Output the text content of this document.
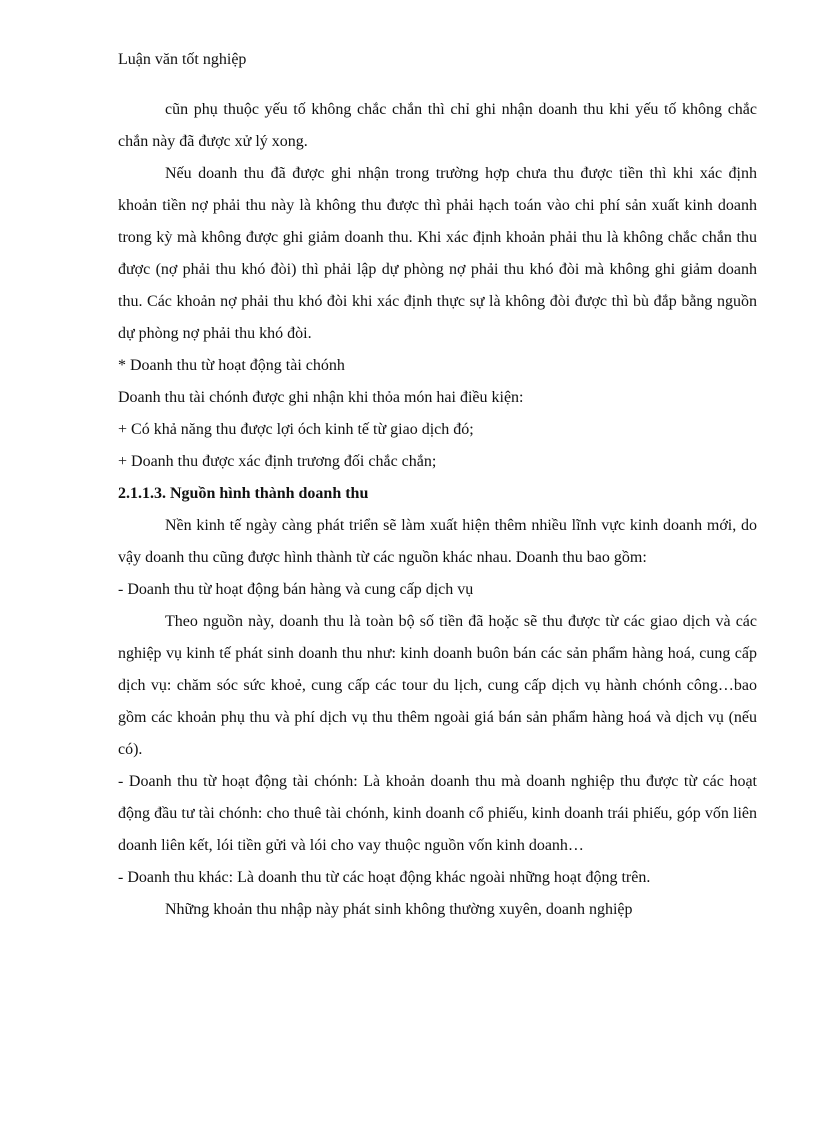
Luận văn tốt nghiệp

cũn phụ thuộc yếu tố không chắc chắn thì chỉ ghi nhận doanh thu khi yếu tố không chắc chắn này đã được xử lý xong.

Nếu doanh thu đã được ghi nhận trong trường hợp chưa thu được tiền thì khi xác định khoản tiền nợ phải thu này là không thu được thì phải hạch toán vào chi phí sản xuất kinh doanh trong kỳ mà không được ghi giảm doanh thu. Khi xác định khoản phải thu là không chắc chắn thu được (nợ phải thu khó đòi) thì phải lập dự phòng nợ phải thu khó đòi mà không ghi giảm doanh thu. Các khoản nợ phải thu khó đòi khi xác định thực sự là không đòi được thì bù đắp bằng nguồn dự phòng nợ phải thu khó đòi.

* Doanh thu từ hoạt động tài chónh

Doanh thu tài chónh được ghi nhận khi thỏa món hai điều kiện:

+ Có khả năng thu được lợi óch kinh tế từ giao dịch đó;

+ Doanh thu được xác định trương đối chắc chắn;

2.1.1.3. Nguồn hình thành doanh thu

Nền kinh tế ngày càng phát triển sẽ làm xuất hiện thêm nhiều lĩnh vực kinh doanh mới, do vậy doanh thu cũng được hình thành từ các nguồn khác nhau. Doanh thu bao gồm:

- Doanh thu từ hoạt động bán hàng và cung cấp dịch vụ

Theo nguồn này, doanh thu là toàn bộ số tiền đã hoặc sẽ thu được từ các giao dịch và các nghiệp vụ kinh tế phát sinh doanh thu như: kinh doanh buôn bán các sản phẩm hàng hoá, cung cấp dịch vụ: chăm sóc sức khoẻ, cung cấp các tour du lịch, cung cấp dịch vụ hành chónh công…bao gồm các khoản phụ thu và phí dịch vụ thu thêm ngoài giá bán sản phẩm hàng hoá và dịch vụ (nếu có).

- Doanh thu từ hoạt động tài chónh: Là khoản doanh thu mà doanh nghiệp thu được từ các hoạt động đầu tư tài chónh: cho thuê tài chónh, kinh doanh cổ phiếu, kinh doanh trái phiếu, góp vốn liên doanh liên kết, lói tiền gửi và lói cho vay thuộc nguồn vốn kinh doanh…

- Doanh thu khác: Là doanh thu từ các hoạt động khác ngoài những hoạt động trên.

Những khoản thu nhập này phát sinh không thường xuyên, doanh nghiệp
